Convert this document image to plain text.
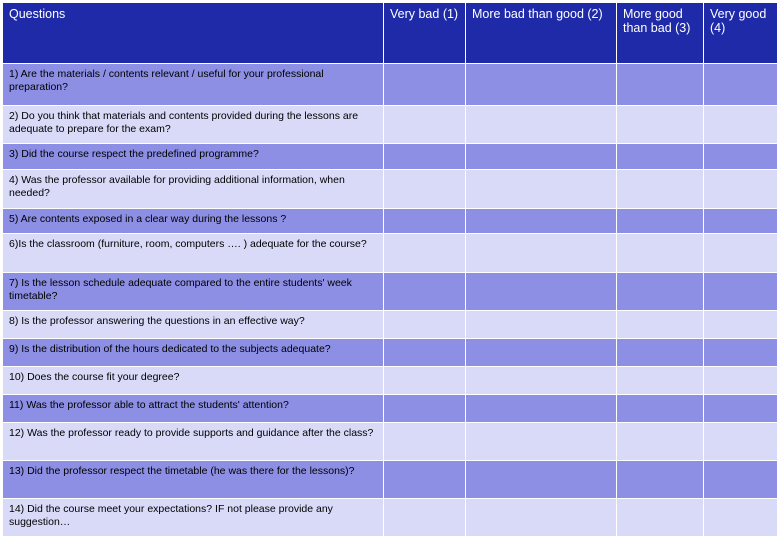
Questions	Very bad (1)	More bad than good (2)	More good than bad (3)	Very good (4)
1) Are the materials / contents relevant / useful for your professional preparation?				
2) Do you think that materials and contents provided during the lessons are adequate to prepare for the exam?				
3) Did the course respect the predefined programme?				
4) Was the professor available for providing additional information, when needed?				
5) Are contents exposed in a clear way during the lessons ?				
6)Is the classroom (furniture, room, computers …. ) adequate for the course?				
7) Is the lesson schedule adequate compared to the entire students' week timetable?				
8) Is the professor answering the questions in an effective way?				
9) Is the distribution of the hours dedicated to the subjects adequate?				
10) Does the course fit your degree?				
11) Was the professor able to attract the students' attention?				
12) Was the professor ready to provide supports and guidance after the class?				
13) Did the professor respect the timetable (he was there for the lessons)?				
14) Did the course meet your expectations? IF not please provide any suggestion…				
